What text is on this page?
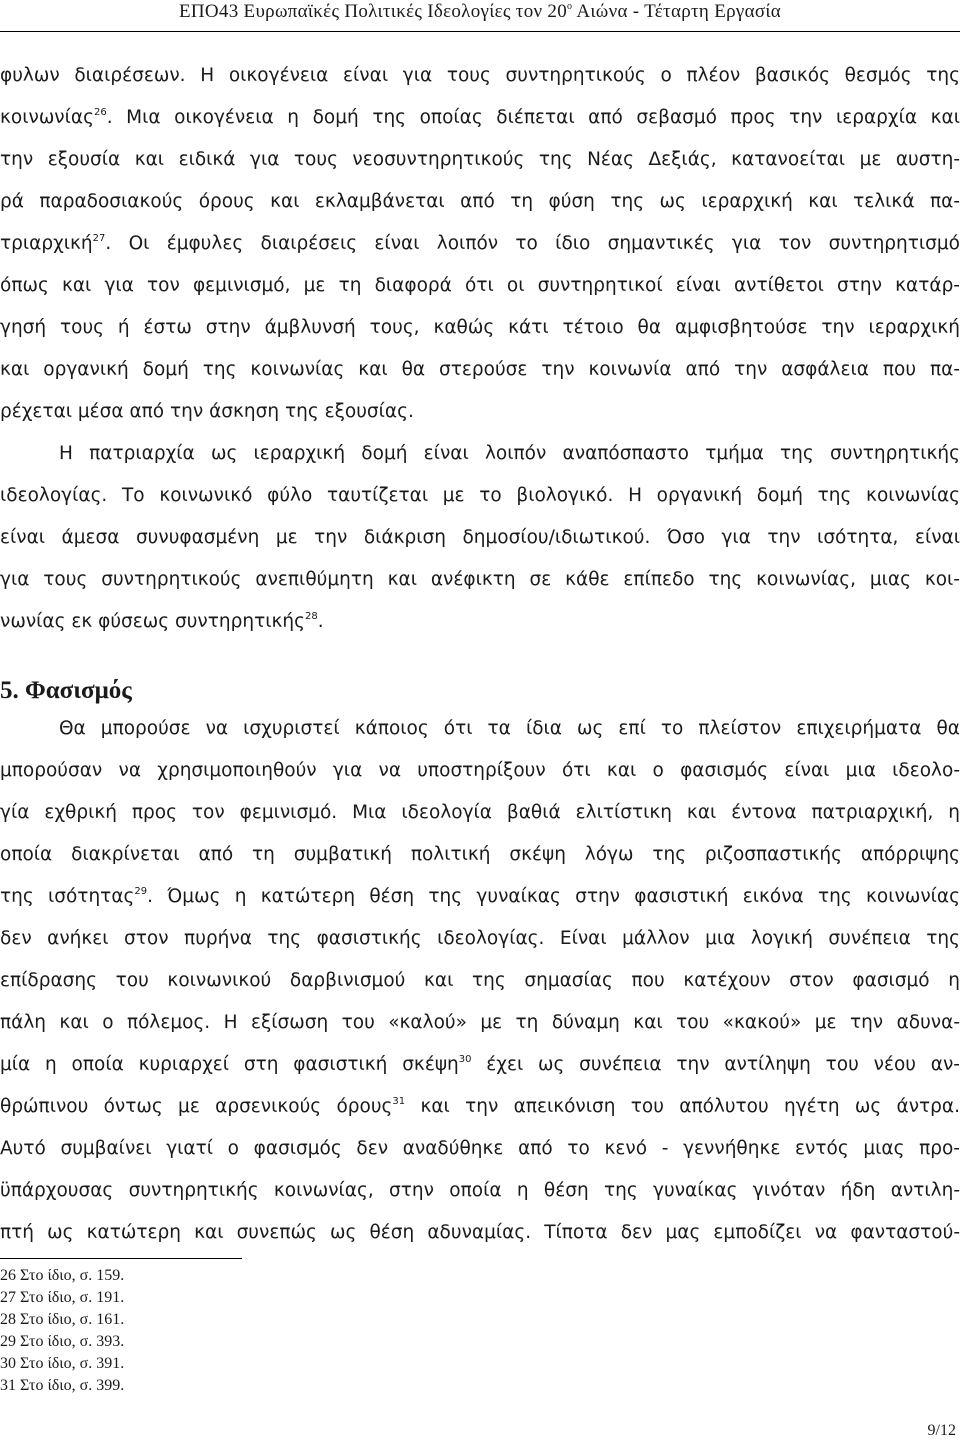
ΕΠΟ43 Ευρωπαϊκές Πολιτικές Ιδεολογίες τον $20^o$ Αιώνα - Τέταρτη Εργασία
φυλων διαιρέσεων. Η οικογένεια είναι για τους συντηρητικούς ο πλέον βασικός θεσμός της
κοινωνίας$^{26}$. Μια οικογένεια η δομή της οποίας διέπεται από σεβασμό προς την ιεραρχία και
την εξουσία και ειδικά για τους νεοσυντηρητικούς της Νέας Δεξιάς, κατανοείται με αυστη-
ρά παραδοσιακούς όρους και εκλαμβάνεται από τη φύση της ως ιεραρχική και τελικά πα-
τριαρχική$^{27}$. Οι έμφυλες διαιρέσεις είναι λοιπόν το ίδιο σημαντικές για τον συντηρητισμό
όπως και για τον φεμινισμό, με τη διαφορά ότι οι συντηρητικοί είναι αντίθετοι στην κατάρ-
γησή τους ή έστω στην άμβλυνσή τους, καθώς κάτι τέτοιο θα αμφισβητούσε την ιεραρχική
και οργανική δομή της κοινωνίας και θα στερούσε την κοινωνία από την ασφάλεια που πα-
ρέχεται μέσα από την άσκηση της εξουσίας.
Η πατριαρχία ως ιεραρχική δομή είναι λοιπόν αναπόσπαστο τμήμα της συντηρητικής
ιδεολογίας. Το κοινωνικό φύλο ταυτίζεται με το βιολογικό. Η οργανική δομή της κοινωνίας
είναι άμεσα συνυφασμένη με την διάκριση δημοσίου/ιδιωτικού. Όσο για την ισότητα, είναι
για τους συντηρητικούς ανεπιθύμητη και ανέφικτη σε κάθε επίπεδο της κοινωνίας, μιας κοι-
νωνίας εκ φύσεως συντηρητικής$^{28}$.
5. Φασισμός
Θα μπορούσε να ισχυριστεί κάποιος ότι τα ίδια ως επί το πλείστον επιχειρήματα θα
μπορούσαν να χρησιμοποιηθούν για να υποστηρίξουν ότι και ο φασισμός είναι μια ιδεολο-
γία εχθρική προς τον φεμινισμό. Μια ιδεολογία βαθιά ελιτίστικη και έντονα πατριαρχική, η
οποία διακρίνεται από τη συμβατική πολιτική σκέψη λόγω της ριζοσπαστικής απόρριψης
της ισότητας$^{29}$. Όμως η κατώτερη θέση της γυναίκας στην φασιστική εικόνα της κοινωνίας
δεν ανήκει στον πυρήνα της φασιστικής ιδεολογίας. Είναι μάλλον μια λογική συνέπεια της
επίδρασης του κοινωνικού δαρβινισμού και της σημασίας που κατέχουν στον φασισμό η
πάλη και ο πόλεμος. Η εξίσωση του «καλού» με τη δύναμη και του «κακού» με την αδυνα-
μία η οποία κυριαρχεί στη φασιστική σκέψη$^{30}$ έχει ως συνέπεια την αντίληψη του νέου αν-
θρώπινου όντως με αρσενικούς όρους$^{31}$ και την απεικόνιση του απόλυτου ηγέτη ως άντρα.
Αυτό συμβαίνει γιατί ο φασισμός δεν αναδύθηκε από το κενό - γεννήθηκε εντός μιας προ-
ϋπάρχουσας συντηρητικής κοινωνίας, στην οποία η θέση της γυναίκας γινόταν ήδη αντιλη-
πτή ως κατώτερη και συνεπώς ως θέση αδυναμίας. Τίποτα δεν μας εμποδίζει να φανταστού-
26 Στο ίδιο, σ. 159.
27 Στο ίδιο, σ. 191.
28 Στο ίδιο, σ. 161.
29 Στο ίδιο, σ. 393.
30 Στο ίδιο, σ. 391.
31 Στο ίδιο, σ. 399.
9/12
